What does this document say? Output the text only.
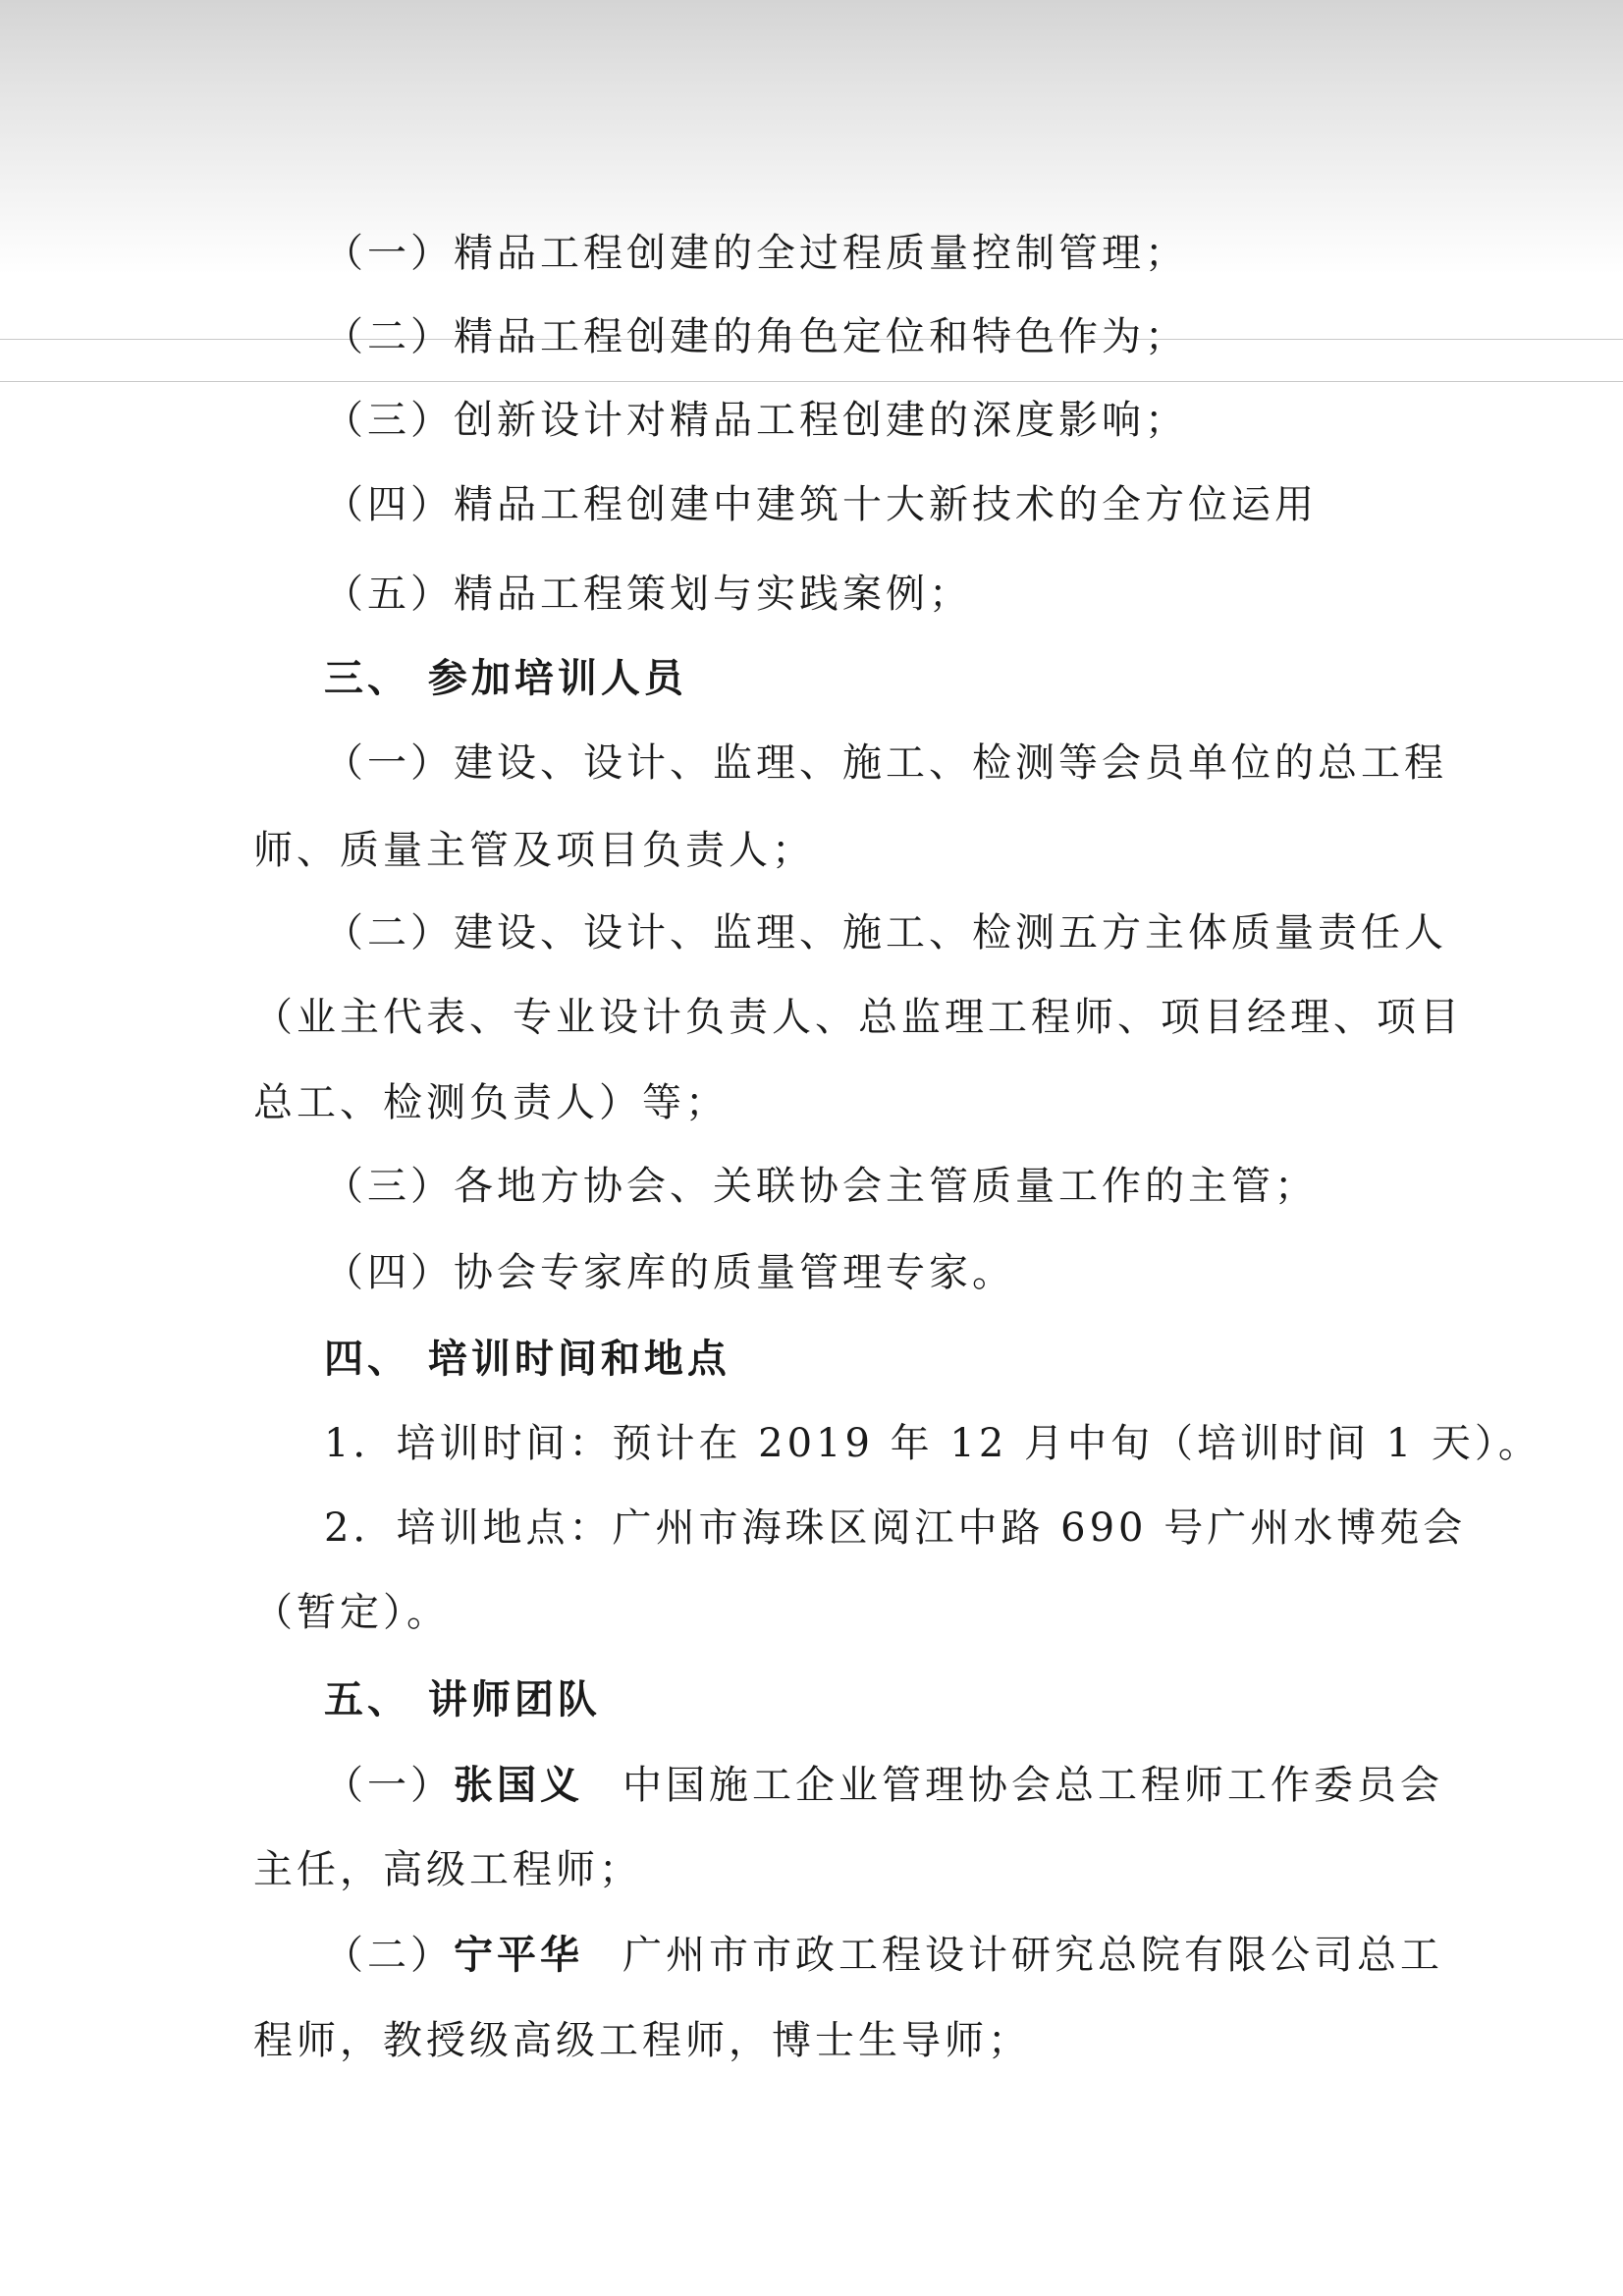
（一）精品工程创建的全过程质量控制管理；
（二）精品工程创建的角色定位和特色作为；
（三）创新设计对精品工程创建的深度影响；
（四）精品工程创建中建筑十大新技术的全方位运用
（五）精品工程策划与实践案例；
三、 参加培训人员
（一）建设、设计、监理、施工、检测等会员单位的总工程
师、质量主管及项目负责人；
（二）建设、设计、监理、施工、检测五方主体质量责任人
（业主代表、专业设计负责人、总监理工程师、项目经理、项目
总工、检测负责人）等；
（三）各地方协会、关联协会主管质量工作的主管；
（四）协会专家库的质量管理专家。
四、 培训时间和地点
1．培训时间：预计在 2019 年 12 月中旬（培训时间 1 天）。
2．培训地点：广州市海珠区阅江中路 690 号广州水博苑会
（暂定）。
五、 讲师团队
（一）张国义 中国施工企业管理协会总工程师工作委员会
主任，高级工程师；
（二）宁平华 广州市市政工程设计研究总院有限公司总工
程师，教授级高级工程师，博士生导师；
